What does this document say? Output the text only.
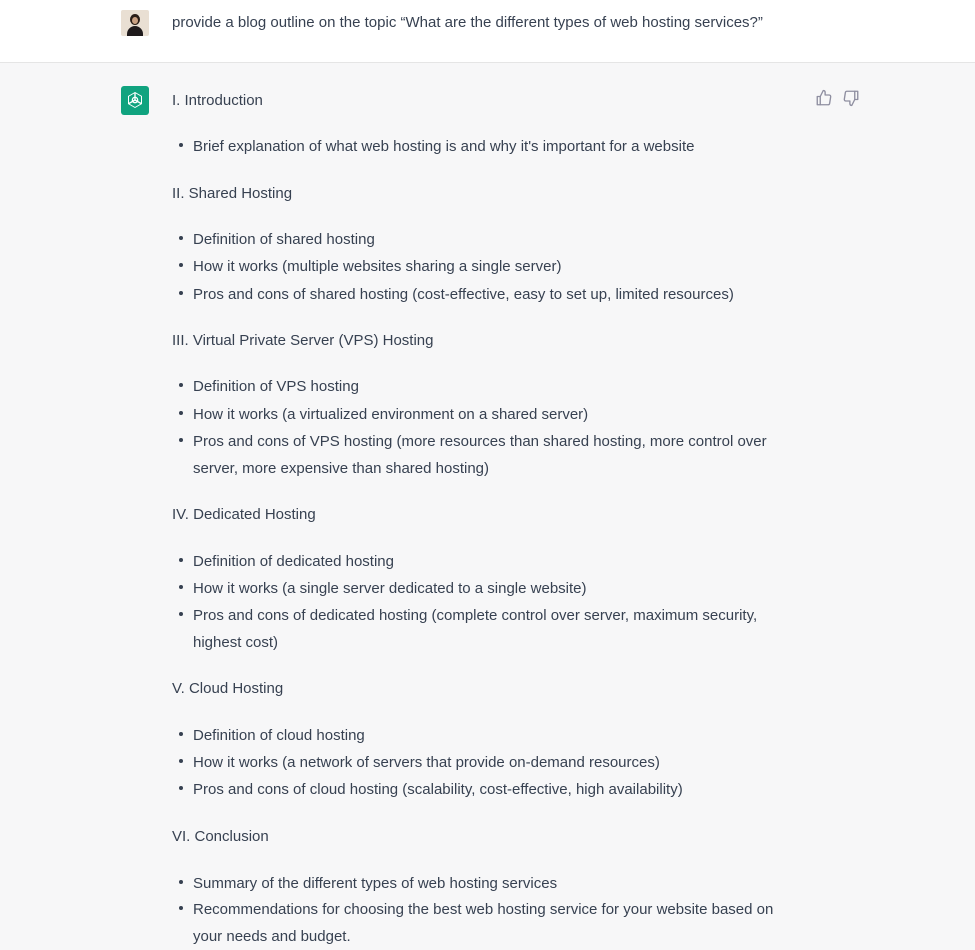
provide a blog outline on the topic “What are the different types of web hosting services?”
I. Introduction
Brief explanation of what web hosting is and why it's important for a website
II. Shared Hosting
Definition of shared hosting
How it works (multiple websites sharing a single server)
Pros and cons of shared hosting (cost-effective, easy to set up, limited resources)
III. Virtual Private Server (VPS) Hosting
Definition of VPS hosting
How it works (a virtualized environment on a shared server)
Pros and cons of VPS hosting (more resources than shared hosting, more control over server, more expensive than shared hosting)
IV. Dedicated Hosting
Definition of dedicated hosting
How it works (a single server dedicated to a single website)
Pros and cons of dedicated hosting (complete control over server, maximum security, highest cost)
V. Cloud Hosting
Definition of cloud hosting
How it works (a network of servers that provide on-demand resources)
Pros and cons of cloud hosting (scalability, cost-effective, high availability)
VI. Conclusion
Summary of the different types of web hosting services
Recommendations for choosing the best web hosting service for your website based on your needs and budget.
